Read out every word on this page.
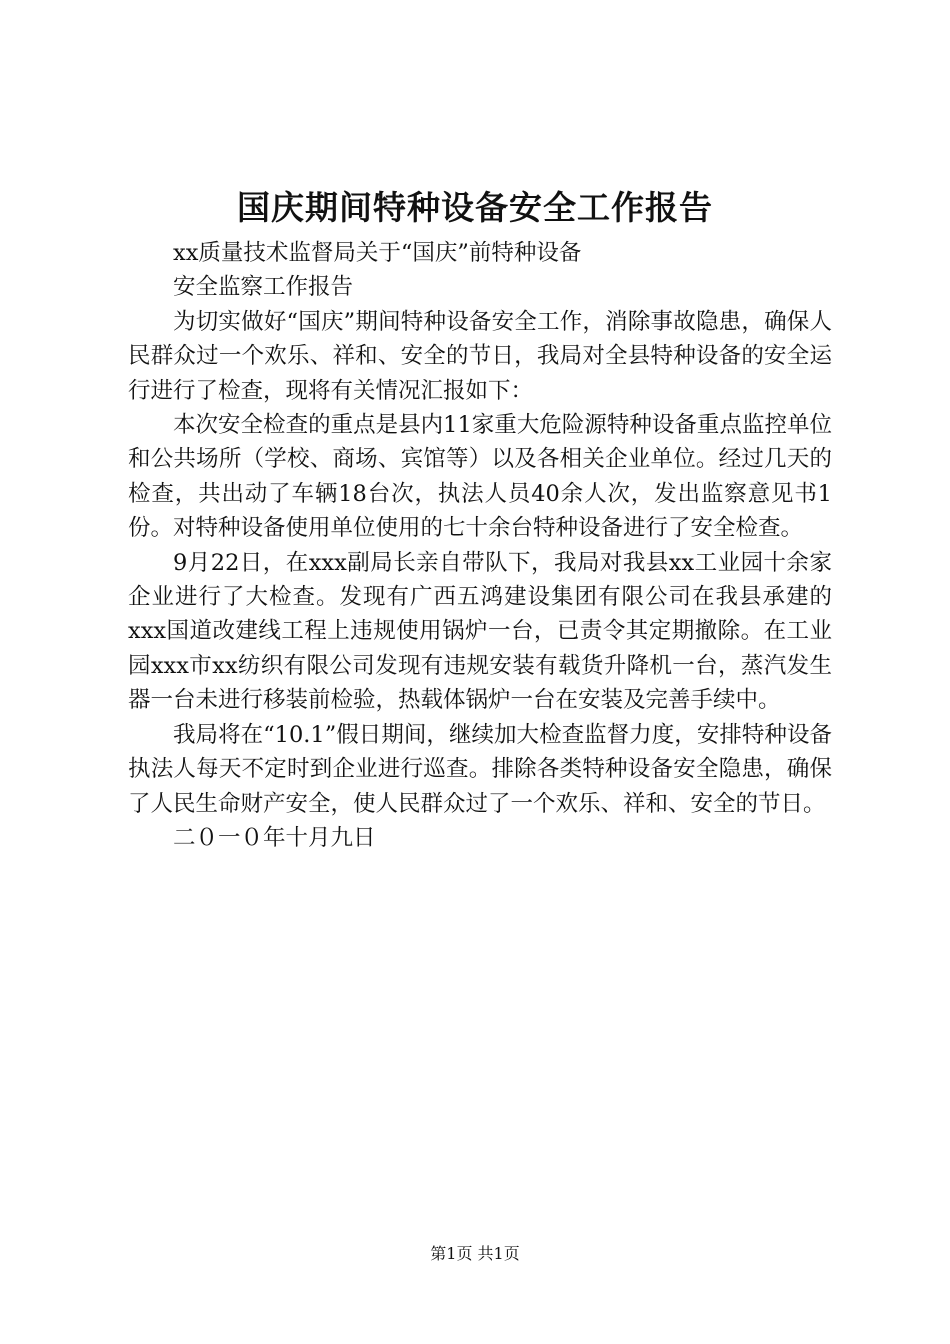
国庆期间特种设备安全工作报告

xx质量技术监督局关于“国庆”前特种设备

安全监察工作报告

为切实做好“国庆”期间特种设备安全工作，消除事故隐患，确保人民群众过一个欢乐、祥和、安全的节日，我局对全县特种设备的安全运行进行了检查，现将有关情况汇报如下：

本次安全检查的重点是县内11家重大危险源特种设备重点监控单位和公共场所（学校、商场、宾馆等）以及各相关企业单位。经过几天的检查，共出动了车辆18台次，执法人员40余人次，发出监察意见书1份。对特种设备使用单位使用的七十余台特种设备进行了安全检查。

9月22日，在xxx副局长亲自带队下，我局对我县xx工业园十余家企业进行了大检查。发现有广西五鸿建设集团有限公司在我县承建的xxx国道改建线工程上违规使用锅炉一台，已责令其定期撤除。在工业园xxx市xx纺织有限公司发现有违规安装有载货升降机一台，蒸汽发生器一台未进行移装前检验，热载体锅炉一台在安装及完善手续中。

我局将在“10.1”假日期间，继续加大检查监督力度，安排特种设备执法人每天不定时到企业进行巡查。排除各类特种设备安全隐患，确保了人民生命财产安全，使人民群众过了一个欢乐、祥和、安全的节日。

二０一０年十月九日

第1页 共1页
